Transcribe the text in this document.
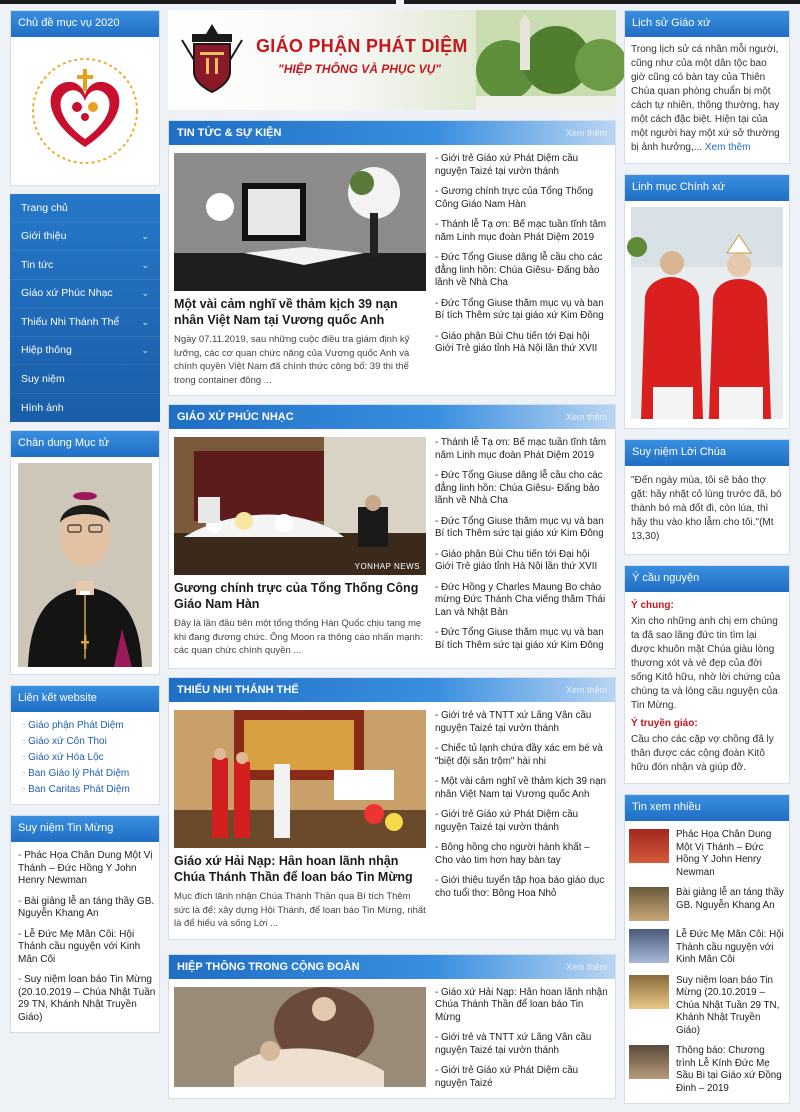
Chủ đề mục vụ 2020
Trang chủ
Giới thiệu	⌄
Tin tức	⌄
Giáo xứ Phúc Nhạc	⌄
Thiếu Nhi Thánh Thể ⌄
Hiệp thông	⌄
Suy niệm
Hình ảnh
Chân dung Mục tử
Liên kết website
○ Giáo phận Phát Diệm
○ Giáo xứ Côn Thoi
○ Giáo xứ Hóa Lộc
○ Ban Giáo lý Phát Diệm
○ Ban Caritas Phát Diệm
Suy niệm Tin Mừng
- Phác Họa Chân Dung Một Vị Thánh – Đức Hồng Y John Henry Newman
- Bài giảng lễ an táng thầy GB. Nguyễn Khang An
- Lễ Đức Mẹ Mân Côi: Hội Thánh cầu nguyện với Kinh Mân Côi
- Suy niệm loan báo Tin Mừng (20.10.2019 – Chúa Nhật Tuần 29 TN, Khánh Nhật Truyền Giáo)
GIÁO PHẬN PHÁT DIỆM
"HIỆP THÔNG VÀ PHỤC VỤ"
TIN TỨC & SỰ KIỆN	Xem thêm
Một vài cảm nghĩ về thảm kịch 39 nạn nhân Việt Nam tại Vương quốc Anh
Ngày 07.11.2019, sau những cuộc điều tra giám định kỹ lưỡng, các cơ quan chức năng của Vương quốc Anh và chính quyền Việt Nam đã chính thức công bố: 39 thi thể trong container đông ...
- Giới trẻ Giáo xứ Phát Diệm cầu nguyện Taizé tại vườn thánh
- Gương chính trực của Tổng Thống Công Giáo Nam Hàn
- Thánh lễ Tạ ơn: Bế mạc tuần tĩnh tâm năm Linh mục đoàn Phát Diệm 2019
- Đức Tổng Giuse dâng lễ cầu cho các đẳng linh hồn: Chúa Giêsu- Đấng bảo lãnh về Nhà Cha
- Đức Tổng Giuse thăm mục vụ và ban Bí tích Thêm sức tại giáo xứ Kim Đông
- Giáo phận Bùi Chu tiến tới Đại hội Giới Trẻ giáo tỉnh Hà Nội lần thứ XVII
GIÁO XỨ PHÚC NHẠC	Xem thêm
YONHAP NEWS
Gương chính trực của Tổng Thống Công Giáo Nam Hàn
Đây là lần đầu tiên một tổng thống Hàn Quốc chịu tang mẹ khi đang đương chức. Ông Moon ra thông cáo nhấn mạnh: các quan chức chính quyền ...
- Thánh lễ Tạ ơn: Bế mạc tuần tĩnh tâm năm Linh mục đoàn Phát Diệm 2019
- Đức Tổng Giuse dâng lễ cầu cho các đẳng linh hồn: Chúa Giêsu- Đấng bảo lãnh về Nhà Cha
- Đức Tổng Giuse thăm mục vụ và ban Bí tích Thêm sức tại giáo xứ Kim Đông
- Giáo phận Bùi Chu tiến tới Đại hội Giới Trẻ giáo tỉnh Hà Nội lần thứ XVII
- Đức Hồng y Charles Maung Bo chào mừng Đức Thánh Cha viếng thăm Thái Lan và Nhật Bản
- Đức Tổng Giuse thăm mục vụ và ban Bí tích Thêm sức tại giáo xứ Kim Đông
THIẾU NHI THÁNH THỂ	Xem thêm
Giáo xứ Hải Nạp: Hân hoan lãnh nhận Chúa Thánh Thần để loan báo Tin Mừng
Mục đích lãnh nhận Chúa Thánh Thần qua Bí tích Thêm sức là để: xây dựng Hội Thánh, để loan báo Tin Mừng, nhất là để hiểu và sống Lời ...
- Giới trẻ và TNTT xứ Lãng Vân cầu nguyện Taizé tại vườn thánh
- Chiếc tủ lạnh chứa đầy xác em bé và "biệt đội săn trộm" hài nhi
- Một vài cảm nghĩ về thảm kịch 39 nạn nhân Việt Nam tại Vương quốc Anh
- Giới trẻ Giáo xứ Phát Diệm cầu nguyện Taizé tại vườn thánh
- Bông hồng cho người hành khất – Cho vào tim hơn hay bàn tay
- Giới thiệu tuyển tập họa báo giáo dục cho tuổi thơ: Bông Hoa Nhỏ
HIỆP THÔNG TRONG CỘNG ĐOÀN	Xem thêm
- Giáo xứ Hải Nạp: Hân hoan lãnh nhận Chúa Thánh Thần để loan báo Tin Mừng
- Giới trẻ và TNTT xứ Lãng Vân cầu nguyện Taizé tại vườn thánh
- Giới trẻ Giáo xứ Phát Diệm cầu nguyện Taizé
Lịch sử Giáo xứ
Trong lịch sử cá nhân mỗi người, cũng như của một dân tộc bao giờ cũng có bàn tay của Thiên Chúa quan phòng chuẩn bị một cách tự nhiên, thông thường, hay một cách đặc biệt. Hiện tại của một người hay một xứ sở thường bị ảnh hưởng,... Xem thêm
Linh mục Chính xứ
Suy niệm Lời Chúa
"Đến ngày mùa, tôi sẽ bảo thợ gặt: hãy nhặt cỏ lùng trước đã, bó thành bó mà đốt đi, còn lúa, thì hãy thu vào kho lẫm cho tôi."(Mt 13,30)
Ý cầu nguyện
Ý chung:
Xin cho những anh chị em chúng ta đã sao lãng đức tin tìm lại được khuôn mặt Chúa giàu lòng thương xót và vẻ đẹp của đời sống Kitô hữu, nhờ lời chứng của chúng ta và lòng cầu nguyện của Tin Mừng.
Ý truyền giáo:
Cầu cho các cặp vợ chồng đã ly thân được các cộng đoàn Kitô hữu đón nhận và giúp đỡ.
Tin xem nhiều
Phác Họa Chân Dung Một Vị Thánh – Đức Hồng Y John Henry Newman
Bài giảng lễ an táng thầy GB. Nguyễn Khang An
Lễ Đức Mẹ Mân Côi: Hội Thánh cầu nguyện với Kinh Mân Côi
Suy niệm loan báo Tin Mừng (20.10.2019 – Chúa Nhật Tuần 29 TN, Khánh Nhật Truyền Giáo)
Thông báo: Chương trình Lễ Kính Đức Mẹ Sầu Bi tại Giáo xứ Đồng Đinh – 2019
